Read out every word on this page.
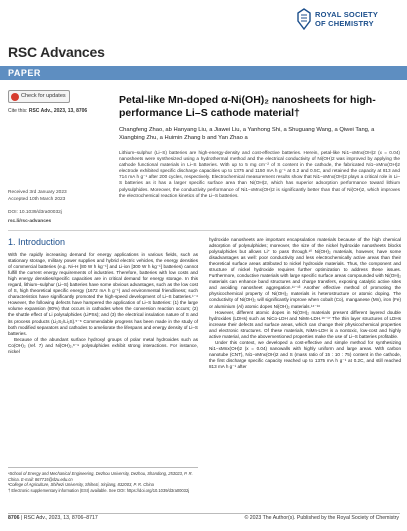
ROYAL SOCIETY
OF CHEMISTRY
RSC Advances
PAPER
Check for updates
Cite this: RSC Adv., 2023, 13, 8706
Received 3rd January 2023
Accepted 10th March 2023
DOI: 10.1039/d3ra00032j
rsc.li/rsc-advances
Petal-like Mn-doped α-Ni(OH)₂ nanosheets for high-performance Li–S cathode material†
Changfeng Zhao, ab Hanyang Liu, a Jiawei Liu, a Yanhong Shi, a Shuguang Wang, a Qiwei Tang, a Xiangbing Zhu, a Huimin Zhang b and Yan Zhao a
Lithium–sulphur (Li–S) batteries are high-energy-density and cost-effective batteries. Herein, petal-like Ni1−xMnx(OH)2 (x = 0.04) nanosheets were synthesized using a hydrothermal method and the electrical conductivity of Ni(OH)2 was improved by applying the cathode functional materials in Li–S batteries. With up to 5 mg cm⁻² of S content in the cathode, the fabricated Ni1−xMnx(OH)2 electrode exhibited specific discharge capacities up to 1375 and 1150 mA h g⁻¹ at 0.2 and 0.5C, and retained the capacity at 813 and 714 mA h g⁻¹ after 200 cycles, respectively. Electrochemical measurement results show that Ni1−xMnx(OH)2 plays a critical role in Li–S batteries as it has a larger specific surface area than Ni(OH)2, which has superior adsorption performance toward lithium polysulphides. Moreover, the conductivity performance of Ni1−xMnx(OH)2 is significantly better than that of Ni(OH)2, which improves the electrochemical reaction kinetics of the Li–S batteries.
1. Introduction

With the rapidly increasing demand for energy applications in various fields, such as stationary storage, military power supplies and hybrid electric vehicles, the energy densities of commercial batteries (e.g. Ni–H [80 W h kg⁻¹] and Li-ion [300 W h kg⁻¹] batteries) cannot fulfill the current energy requirements of industries. Therefore, batteries with low costs and high energy densities/specific capacities are in critical demand for energy storage. In this regard, lithium–sulphur (Li–S) batteries have some obvious advantages, such as the low cost of S, high theoretical specific energy (1672 mA h g⁻¹) and environmental friendliness; such characteristics have significantly promoted the high-speed development of Li–S batteries.¹⁻⁴ However, the following defects have hampered the application of Li–S batteries: (1) the large volume expansion (80%) that occurs in cathodes when the conversion reaction occurs; (2) the shuttle effect of Li polysulphides (LiPSs); and (3) the electrical insulation nature of S and its process products (Li₂S₂/Li₂S).⁵⁻⁸ Commendable progress has been made in the study of both modified separators and cathodes to ameliorate the lifespans and energy density of Li–S batteries.

Because of the abundant surface hydroxyl groups of polar metal hydroxides such as Co(OH)₂ (ref. 7) and Ni(OH)₂,⁸⁻⁹ polysulphides exhibit strong interactions. For instance, nickel

hydroxide nanosheets are important encapsulation materials because of the high chemical adsorption of polysulphides; moreover, the size of the nickel hydroxide nanosheets blocks polysulphides but allows Li⁺ to pass through.¹⁰ Ni(OH)₂ materials, however, have some disadvantages as well: poor conductivity and less electrochemically active areas than their theoretical surface areas attributed to nickel hydroxide materials. Thus, the component and structure of nickel hydroxide requires further optimization to address these issues. Furthermore, conductive materials with large specific surface areas compounded with Ni(OH)₂ materials can enhance band structures and charge transfers, exposing catalytic active sites and avoiding nanosheet aggregation.¹¹⁻¹³ Another effective method of promoting the physicochemical property of Ni(OH)₂ materials is heterostructure or atomic doping. The conductivity of Ni(OH)₂ will significantly improve when cobalt (Co), manganese (Mn), iron (Fe) or aluminium (Al) atomic dopes Ni(OH)₂ materials.¹⁴⁻¹⁶

However, different atomic dopes in Ni(OH)₂ materials present different layered double hydroxides (LDHs) such as NiCo-LDH and NiMn-LDH.¹⁶⁻¹⁷ The thin layer structures of LDHs increase their defects and surface areas, which can change their physicochemical properties and electronic structures. Of these materials, NiMn-LDH is a nontoxic, low-cost and highly active material, and the abovementioned properties make the use of Li–S batteries profitable.

Under this context, we developed a cost-effective and simple method for synthesizing Ni1−xMnx(OH)2 (x = 0.04) nanowalls with highly uniform and large areas. With carbon nanotube (CNT), Ni1−xMnx(OH)2 and S (mass ratio of 15 : 10 : 75) content in the cathode, the first discharge specific capacity reached up to 1375 mA h g⁻¹ at 0.2C, and still reached 813 mA h g⁻¹ after

ᵃSchool of Energy and Mechanical Engineering, Dezhou University, Dezhou, Shandong, 253023, P. R. China. E-mail: 867715@dzu.edu.cn
ᵇCollege of Agriculture, Shihezi University, Shihezi, Xinjiang, 832003, P. R. China
† Electronic supplementary information (ESI) available. See DOI: https://doi.org/10.1039/d3ra00032j
8706 | RSC Adv., 2023, 13, 8706–8717	© 2023 The Author(s). Published by the Royal Society of Chemistry
